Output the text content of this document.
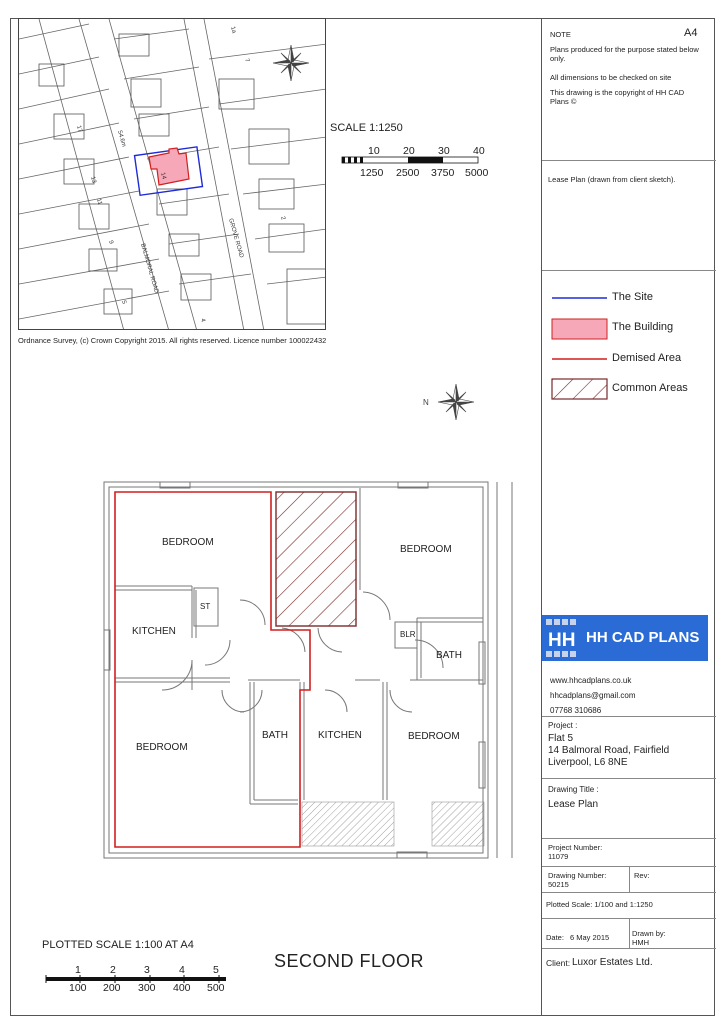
BALMORAL ROAD
GROVE ROAD
54.6m
17
13
11
9
5
14
7
2
4
1a
Ordnance Survey, (c) Crown Copyright 2015. All rights reserved. Licence number 100022432
SCALE 1:1250
10 20 30 40
1250 2500 3750 5000
N
BEDROOM
BEDROOM
KITCHEN
ST
BLR
BATH
BEDROOM
BATH	KITCHEN	BEDROOM
SECOND FLOOR
PLOTTED SCALE 1:100 AT A4
1	2	3	4	5
100 200 300 400 500
NOTE	A4
Plans produced for the purpose stated below only.
All dimensions to be checked on site
This drawing is the copyright of HH CAD Plans ©
Lease Plan (drawn from client sketch).
The Site
The Building
Demised Area
Common Areas
HH HH CAD PLANS
www.hhcadplans.co.uk
hhcadplans@gmail.com
07768 310686
Project :
Flat 5
14 Balmoral Road, Fairfield
Liverpool, L6 8NE
Drawing Title :
Lease Plan
Project Number:
11079
Drawing Number:
50215
Rev:
Plotted Scale: 1/100 and 1:1250
Date: 6 May 2015	Drawn by:
HMH
Client: Luxor Estates Ltd.
